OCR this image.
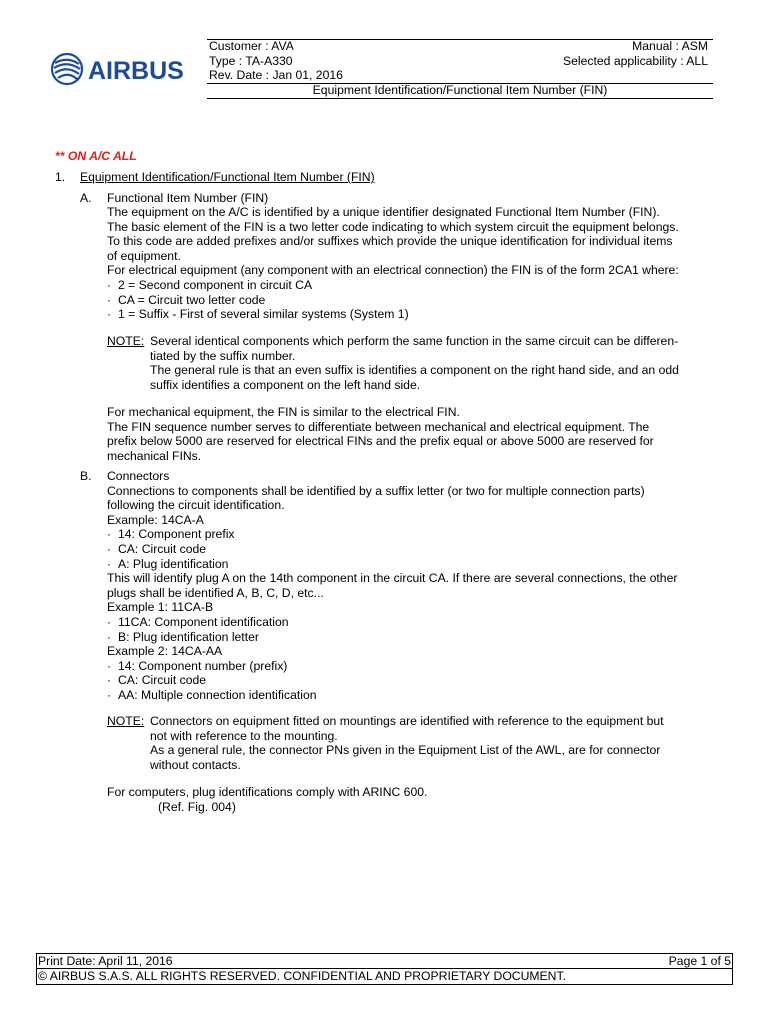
AIRBUS
Customer : AVA	Manual : ASM
Type : TA-A330	Selected applicability : ALL
Rev. Date : Jan 01, 2016
Equipment Identification/Functional Item Number (FIN)
** ON A/C ALL
1. Equipment Identification/Functional Item Number (FIN)
A. Functional Item Number (FIN)
The equipment on the A/C is identified by a unique identifier designated Functional Item Number (FIN).
The basic element of the FIN is a two letter code indicating to which system circuit the equipment belongs.
To this code are added prefixes and/or suffixes which provide the unique identification for individual items
of equipment.
For electrical equipment (any component with an electrical connection) the FIN is of the form 2CA1 where:
· 2 = Second component in circuit CA
· CA = Circuit two letter code
· 1 = Suffix - First of several similar systems (System 1)
NOTE: Several identical components which perform the same function in the same circuit can be differen-
tiated by the suffix number.
The general rule is that an even suffix is identifies a component on the right hand side, and an odd
suffix identifies a component on the left hand side.
For mechanical equipment, the FIN is similar to the electrical FIN.
The FIN sequence number serves to differentiate between mechanical and electrical equipment. The
prefix below 5000 are reserved for electrical FINs and the prefix equal or above 5000 are reserved for
mechanical FINs.
B. Connectors
Connections to components shall be identified by a suffix letter (or two for multiple connection parts)
following the circuit identification.
Example: 14CA-A
· 14: Component prefix
· CA: Circuit code
· A: Plug identification
This will identify plug A on the 14th component in the circuit CA. If there are several connections, the other
plugs shall be identified A, B, C, D, etc...
Example 1: 11CA-B
· 11CA: Component identification
· B: Plug identification letter
Example 2: 14CA-AA
· 14: Component number (prefix)
· CA: Circuit code
· AA: Multiple connection identification
NOTE: Connectors on equipment fitted on mountings are identified with reference to the equipment but
not with reference to the mounting.
As a general rule, the connector PNs given in the Equipment List of the AWL, are for connector
without contacts.
For computers, plug identifications comply with ARINC 600.
(Ref. Fig. 004)
Print Date: April 11, 2016	Page 1 of 5
© AIRBUS S.A.S. ALL RIGHTS RESERVED. CONFIDENTIAL AND PROPRIETARY DOCUMENT.
